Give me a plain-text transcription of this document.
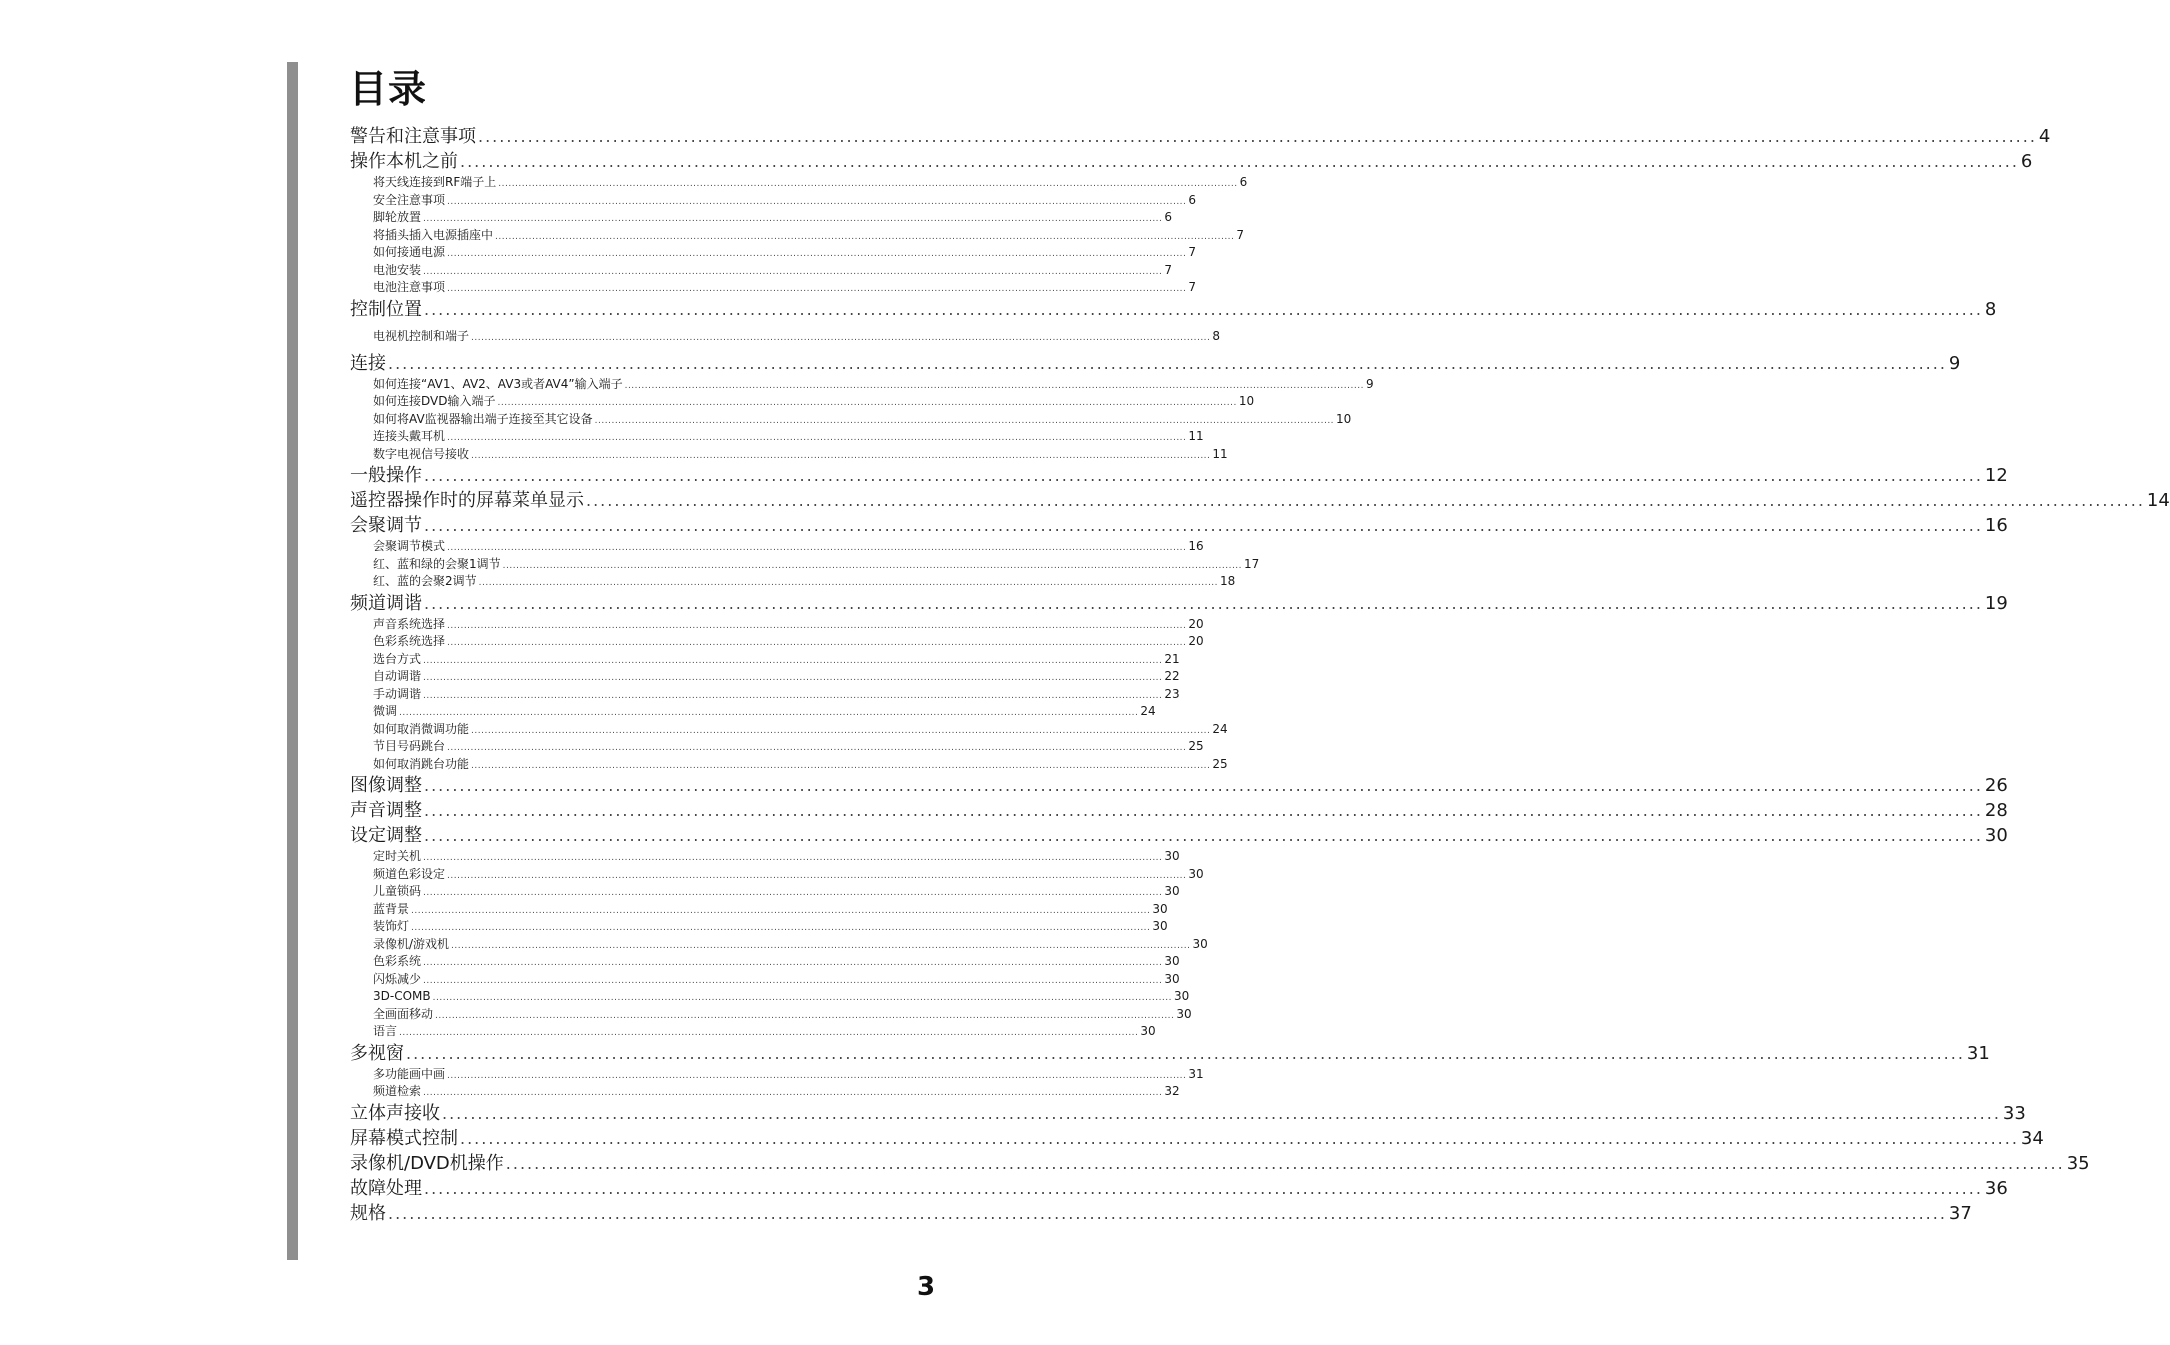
目录
警告和注意事项 ............................................................................................................................................................................................................................ 4
操作本机之前 ............................................................................................................................................................................................................................ 6
将天线连接到RF端子上 ............................................................................................................................................................................................................................ 6
安全注意事项 ............................................................................................................................................................................................................................ 6
脚轮放置 ............................................................................................................................................................................................................................ 6
将插头插入电源插座中 ............................................................................................................................................................................................................................ 7
如何接通电源 ............................................................................................................................................................................................................................ 7
电池安装 ............................................................................................................................................................................................................................ 7
电池注意事项 ............................................................................................................................................................................................................................ 7
控制位置 ............................................................................................................................................................................................................................ 8
电视机控制和端子 ............................................................................................................................................................................................................................ 8
连接 ............................................................................................................................................................................................................................ 9
如何连接“AV1、AV2、AV3或者AV4”输入端子 ............................................................................................................................................................................................................................ 9
如何连接DVD输入端子 ............................................................................................................................................................................................................................ 10
如何将AV监视器输出端子连接至其它设备 ............................................................................................................................................................................................................................ 10
连接头戴耳机 ............................................................................................................................................................................................................................ 11
数字电视信号接收 ............................................................................................................................................................................................................................ 11
一般操作 ............................................................................................................................................................................................................................ 12
遥控器操作时的屏幕菜单显示 ............................................................................................................................................................................................................................ 14
会聚调节 ............................................................................................................................................................................................................................ 16
会聚调节模式 ............................................................................................................................................................................................................................ 16
红、蓝和绿的会聚1调节 ............................................................................................................................................................................................................................ 17
红、蓝的会聚2调节 ............................................................................................................................................................................................................................ 18
频道调谐 ............................................................................................................................................................................................................................ 19
声音系统选择 ............................................................................................................................................................................................................................ 20
色彩系统选择 ............................................................................................................................................................................................................................ 20
选台方式 ............................................................................................................................................................................................................................ 21
自动调谐 ............................................................................................................................................................................................................................ 22
手动调谐 ............................................................................................................................................................................................................................ 23
微调 ............................................................................................................................................................................................................................ 24
如何取消微调功能 ............................................................................................................................................................................................................................ 24
节目号码跳台 ............................................................................................................................................................................................................................ 25
如何取消跳台功能 ............................................................................................................................................................................................................................ 25
图像调整 ............................................................................................................................................................................................................................ 26
声音调整 ............................................................................................................................................................................................................................ 28
设定调整 ............................................................................................................................................................................................................................ 30
定时关机 ............................................................................................................................................................................................................................ 30
频道色彩设定 ............................................................................................................................................................................................................................ 30
儿童锁码 ............................................................................................................................................................................................................................ 30
蓝背景 ............................................................................................................................................................................................................................ 30
装饰灯 ............................................................................................................................................................................................................................ 30
录像机/游戏机 ............................................................................................................................................................................................................................ 30
色彩系统 ............................................................................................................................................................................................................................ 30
闪烁减少 ............................................................................................................................................................................................................................ 30
3D-COMB ............................................................................................................................................................................................................................ 30
全画面移动 ............................................................................................................................................................................................................................ 30
语言 ............................................................................................................................................................................................................................ 30
多视窗 ............................................................................................................................................................................................................................ 31
多功能画中画 ............................................................................................................................................................................................................................ 31
频道检索 ............................................................................................................................................................................................................................ 32
立体声接收 ............................................................................................................................................................................................................................ 33
屏幕模式控制 ............................................................................................................................................................................................................................ 34
录像机/DVD机操作 ............................................................................................................................................................................................................................ 35
故障处理 ............................................................................................................................................................................................................................ 36
规格 ............................................................................................................................................................................................................................ 37
3
